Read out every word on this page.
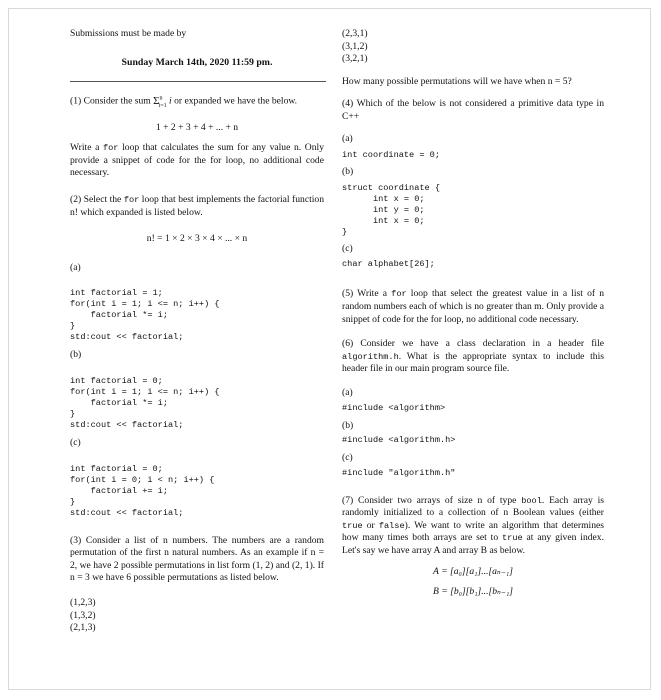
Submissions must be made by

Sunday March 14th, 2020 11:59 pm.

(1) Consider the sum $\Sigma^n_{i=1}$ i or expanded we have the below.

1 + 2 + 3 + 4 + ... + n

Write a for loop that calculates the sum for any value n. Only provide a snippet of code for the for loop, no additional code necessary.

(2) Select the for loop that best implements the factorial function n! which expanded is listed below.

n! = 1 × 2 × 3 × 4 × ... × n

(a)

int factorial = 1;
for(int i = 1; i <= n; i++) {
factorial *= i;
}
std:cout << factorial;

(b)

int factorial = 0;
for(int i = 1; i <= n; i++) {
factorial *= i;
}
std:cout << factorial;

(c)

int factorial = 0;
for(int i = 0; i < n; i++) {
factorial += i;
}
std:cout << factorial;

(3) Consider a list of n numbers. The numbers are a random permutation of the first n natural numbers. As an example if n = 2, we have 2 possible permutations in list form (1, 2) and (2, 1). If n = 3 we have 6 possible permutations as listed below.

(1,2,3)

(1,3,2)

(2,1,3)

(2,3,1)

(3,1,2)

(3,2,1)

How many possible permutations will we have when n = 5?

(4) Which of the below is not considered a primitive data type in C++

(a)

int coordinate = 0;

(b)

struct coordinate {
int x = 0;
int y = 0;
int x = 0;
}

(c)

char alphabet[26];

(5) Write a for loop that select the greatest value in a list of n random numbers each of which is no greater than m. Only provide a snippet of code for the for loop, no additional code necessary.

(6) Consider we have a class declaration in a header file algorithm.h. What is the appropriate syntax to include this header file in our main program source file.

(a)

#include <algorithm>

(b)

#include <algorithm.h>

(c)

#include "algorithm.h"

(7) Consider two arrays of size n of type bool. Each array is randomly initialized to a collection of n Boolean values (either true or false). We want to write an algorithm that determines how many times both arrays are set to true at any given index. Let's say we have array A and array B as below.

A = [a₀][a₁]...[aₙ₋₁]

B = [b₀][b₁]...[bₙ₋₁]
